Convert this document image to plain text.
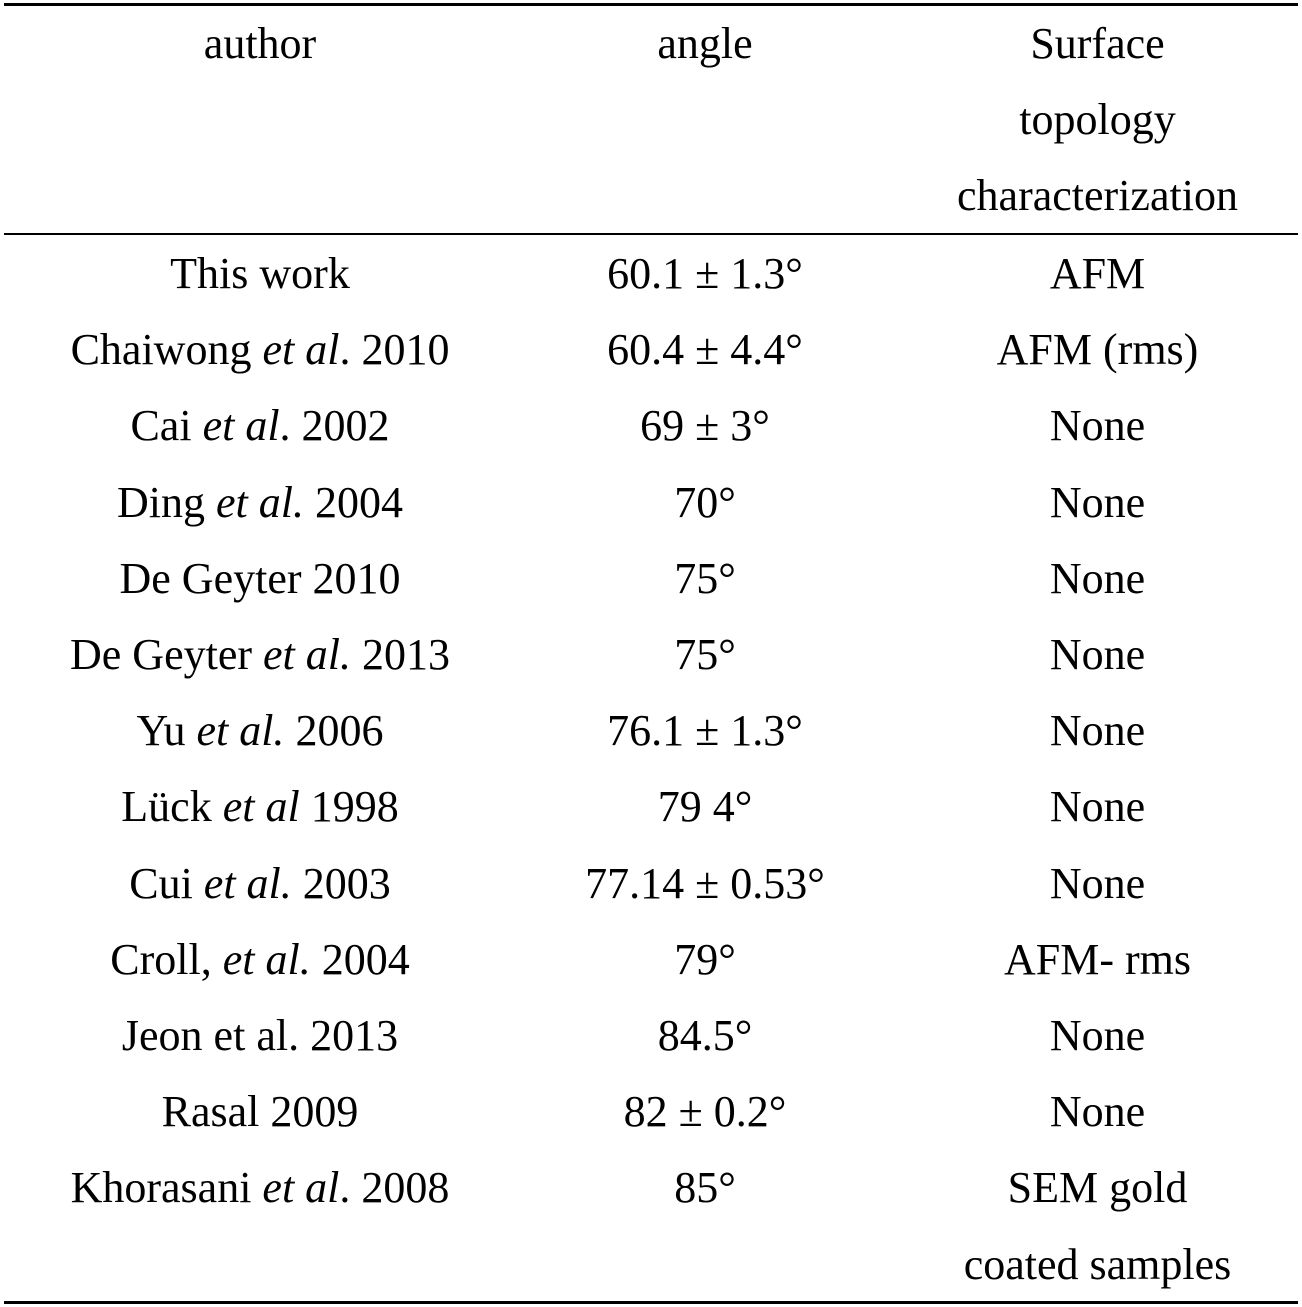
author	angle	Surface
topology
characterization
This work	60.1 ± 1.3°	AFM
Chaiwong et al. 2010	60.4 ± 4.4°	AFM (rms)
Cai et al. 2002	69 ± 3°	None
Ding et al. 2004	70°	None
De Geyter 2010	75°	None
De Geyter et al. 2013	75°	None
Yu et al. 2006	76.1 ± 1.3°	None
Lück et al 1998	79 4°	None
Cui et al. 2003	77.14 ± 0.53°	None
Croll, et al. 2004	79°	AFM- rms
Jeon et al. 2013	84.5°	None
Rasal 2009	82 ± 0.2°	None
Khorasani et al. 2008	85°	SEM gold
coated samples
